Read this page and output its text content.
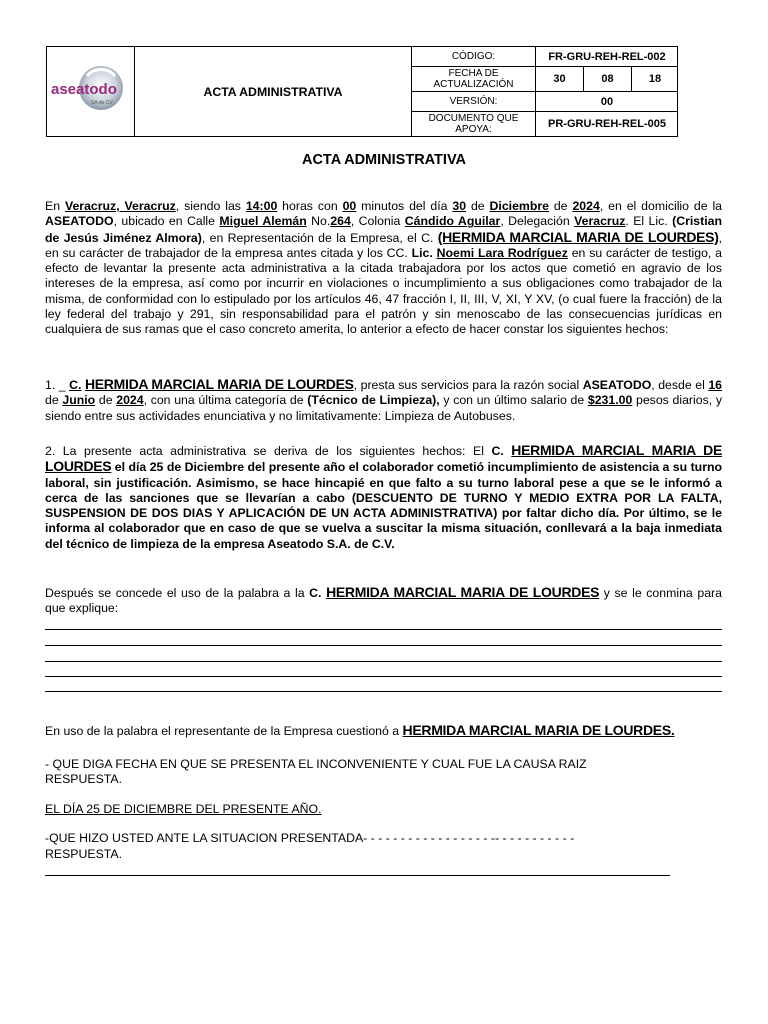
aseatodo
SA de CV
ACTA ADMINISTRATIVA
CÓDIGO:	FR-GRU-REH-REL-002
FECHA DE
ACTUALIZACIÓN	30	08	18
VERSIÓN:	00
DOCUMENTO QUE
APOYA:	PR-GRU-REH-REL-005
ACTA ADMINISTRATIVA
En Veracruz, Veracruz, siendo las 14:00 horas con 00 minutos del día 30 de Diciembre de 2024, en el domicilio de la ASEATODO, ubicado en Calle Miguel Alemán No.264, Colonia Cándido Aguilar, Delegación Veracruz. El Lic. (Cristian de Jesús Jiménez Almora), en Representación de la Empresa, el C. (HERMIDA MARCIAL MARIA DE LOURDES), en su carácter de trabajador de la empresa antes citada y los CC. Lic. Noemi Lara Rodríguez en su carácter de testigo, a efecto de levantar la presente acta administrativa a la citada trabajadora por los actos que cometió en agravio de los intereses de la empresa, así como por incurrir en violaciones o incumplimiento a sus obligaciones como trabajador de la misma, de conformidad con lo estipulado por los artículos 46, 47 fracción I, II, III, V, XI, Y XV, (o cual fuere la fracción) de la ley federal del trabajo y 291, sin responsabilidad para el patrón y sin menoscabo de las consecuencias jurídicas en cualquiera de sus ramas que el caso concreto amerita, lo anterior a efecto de hacer constar los siguientes hechos:
1. _ C. HERMIDA MARCIAL MARIA DE LOURDES, presta sus servicios para la razón social ASEATODO, desde el 16 de Junio de 2024, con una última categoría de (Técnico de Limpieza), y con un último salario de $231.00 pesos diarios, y siendo entre sus actividades enunciativa y no limitativamente: Limpieza de Autobuses.
2. La presente acta administrativa se deriva de los siguientes hechos: El C. HERMIDA MARCIAL MARIA DE LOURDES el día 25 de Diciembre del presente año el colaborador cometió incumplimiento de asistencia a su turno laboral, sin justificación. Asimismo, se hace hincapié en que falto a su turno laboral pese a que se le informó a cerca de las sanciones que se llevarían a cabo (DESCUENTO DE TURNO Y MEDIO EXTRA POR LA FALTA, SUSPENSION DE DOS DIAS Y APLICACIÓN DE UN ACTA ADMINISTRATIVA) por faltar dicho día. Por último, se le informa al colaborador que en caso de que se vuelva a suscitar la misma situación, conllevará a la baja inmediata del técnico de limpieza de la empresa Aseatodo S.A. de C.V.
Después se concede el uso de la palabra a la C. HERMIDA MARCIAL MARIA DE LOURDES y se le conmina para que explique:
En uso de la palabra el representante de la Empresa cuestionó a HERMIDA MARCIAL MARIA DE LOURDES.
- QUE DIGA FECHA EN QUE SE PRESENTA EL INCONVENIENTE Y CUAL FUE LA CAUSA RAIZ
RESPUESTA.
EL DÍA 25 DE DICIEMBRE DEL PRESENTE AÑO.
-QUE HIZO USTED ANTE LA SITUACION PRESENTADA- - - - - - - - - - - - - - - - - -- - - - - - - - - - -
RESPUESTA.
